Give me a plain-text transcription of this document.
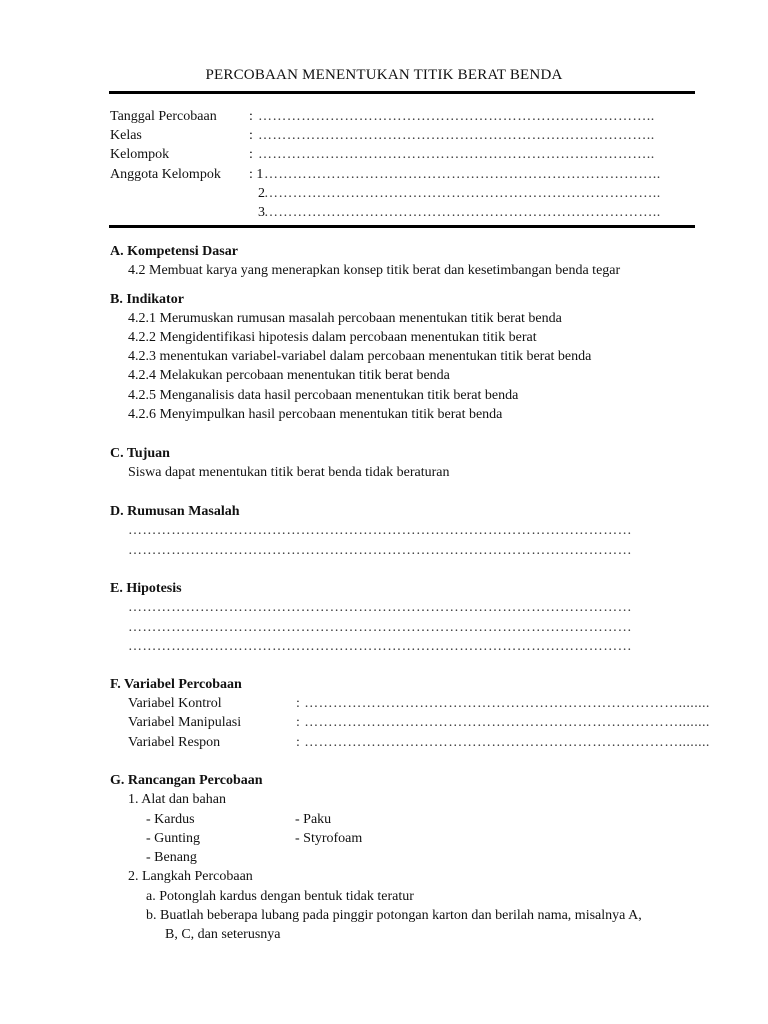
PERCOBAAN MENENTUKAN TITIK BERAT BENDA
Tanggal Percobaan : ………………………………………………………………………..
Kelas	: ………………………………………………………………………..
Kelompok	: ………………………………………………………………………..
Anggota Kelompok : 1 ………………………………………………………………………..
2 ………………………………………………………………………..
3 ………………………………………………………………………..
A. Kompetensi Dasar
4.2 Membuat karya yang menerapkan konsep titik berat dan kesetimbangan benda tegar
B. Indikator
4.2.1 Merumuskan rumusan masalah percobaan menentukan titik berat benda
4.2.2 Mengidentifikasi hipotesis dalam percobaan menentukan titik berat
4.2.3 menentukan variabel-variabel dalam percobaan menentukan titik berat benda
4.2.4 Melakukan percobaan menentukan titik berat benda
4.2.5 Menganalisis data hasil percobaan menentukan titik berat benda
4.2.6 Menyimpulkan hasil percobaan menentukan titik berat benda
C. Tujuan
Siswa dapat menentukan titik berat benda tidak beraturan
D. Rumusan Masalah
……………………………………………………………………………………………
……………………………………………………………………………………………
E. Hipotesis
……………………………………………………………………………………………
……………………………………………………………………………………………
……………………………………………………………………………………………
F. Variabel Percobaan
Variabel Kontrol	: ……………………………………………………………………........
Variabel Manipulasi	: ……………………………………………………………………........
Variabel Respon	: ……………………………………………………………………........
G. Rancangan Percobaan
1. Alat dan bahan
- Kardus	- Paku
- Gunting	- Styrofoam
- Benang
2. Langkah Percobaan
a. Potonglah kardus dengan bentuk tidak teratur
b. Buatlah beberapa lubang pada pinggir potongan karton dan berilah nama, misalnya A,
B, C, dan seterusnya
